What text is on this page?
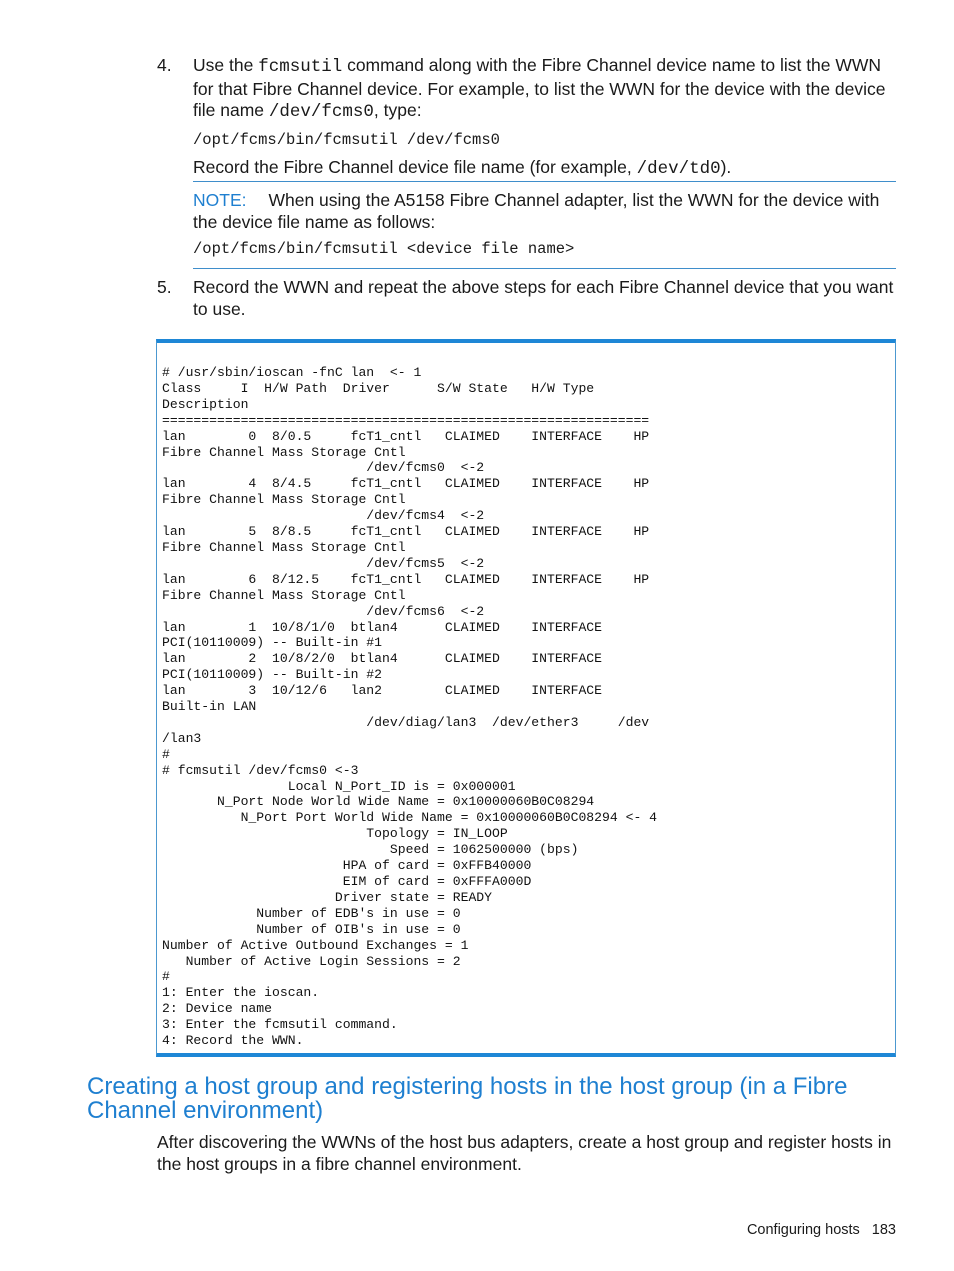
4. Use the fcmsutil command along with the Fibre Channel device name to list the WWN for that Fibre Channel device. For example, to list the WWN for the device with the device file name /dev/fcms0, type:

/opt/fcms/bin/fcmsutil /dev/fcms0

Record the Fibre Channel device file name (for example, /dev/td0).

NOTE: When using the A5158 Fibre Channel adapter, list the WWN for the device with the device file name as follows:
/opt/fcms/bin/fcmsutil <device file name>
5. Record the WWN and repeat the above steps for each Fibre Channel device that you want to use.

# /usr/sbin/ioscan -fnC lan  <- 1
Class     I  H/W Path  Driver      S/W State   H/W Type
Description
==============================================================
lan        0  8/0.5     fcT1_cntl   CLAIMED    INTERFACE    HP
Fibre Channel Mass Storage Cntl
/dev/fcms0  <-2
lan        4  8/4.5     fcT1_cntl   CLAIMED    INTERFACE    HP
Fibre Channel Mass Storage Cntl
/dev/fcms4  <-2
lan        5  8/8.5     fcT1_cntl   CLAIMED    INTERFACE    HP
Fibre Channel Mass Storage Cntl
/dev/fcms5  <-2
lan        6  8/12.5    fcT1_cntl   CLAIMED    INTERFACE    HP
Fibre Channel Mass Storage Cntl
/dev/fcms6  <-2
lan        1  10/8/1/0  btlan4      CLAIMED    INTERFACE
PCI(10110009) -- Built-in #1
lan        2  10/8/2/0  btlan4      CLAIMED    INTERFACE
PCI(10110009) -- Built-in #2
lan        3  10/12/6   lan2        CLAIMED    INTERFACE
Built-in LAN
/dev/diag/lan3  /dev/ether3     /dev
/lan3
#
# fcmsutil /dev/fcms0 <-3
Local N_Port_ID is = 0x000001
N_Port Node World Wide Name = 0x10000060B0C08294
N_Port Port World Wide Name = 0x10000060B0C08294 <- 4
Topology = IN_LOOP
Speed = 1062500000 (bps)
HPA of card = 0xFFB40000
EIM of card = 0xFFFA000D
Driver state = READY
Number of EDB's in use = 0
Number of OIB's in use = 0
Number of Active Outbound Exchanges = 1
Number of Active Login Sessions = 2
#
1: Enter the ioscan.
2: Device name
3: Enter the fcmsutil command.
4: Record the WWN.
Creating a host group and registering hosts in the host group (in a Fibre Channel environment)

After discovering the WWNs of the host bus adapters, create a host group and register hosts in the host groups in a fibre channel environment.

Configuring hosts 183
